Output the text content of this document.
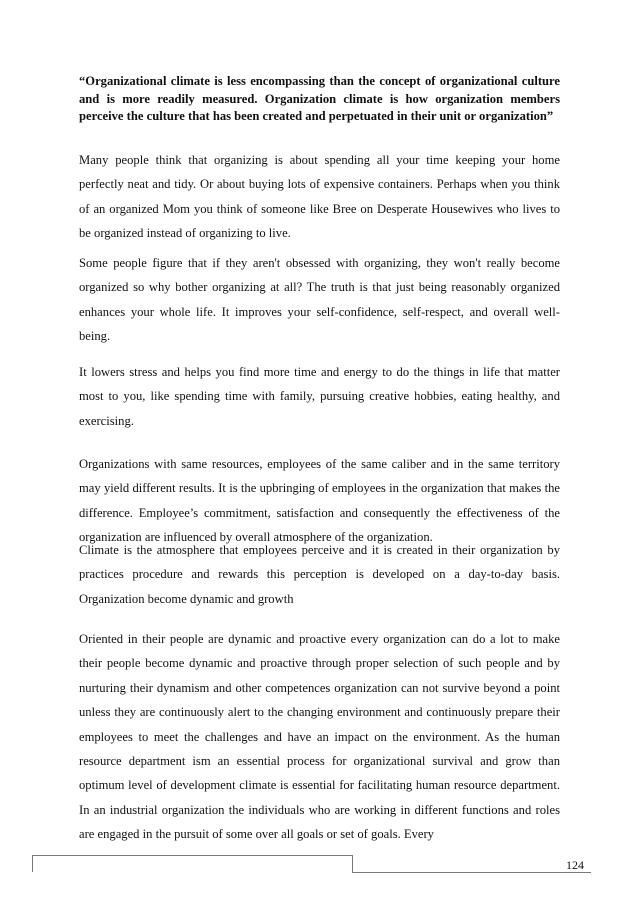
“Organizational climate is less encompassing than the concept of organizational culture and is more readily measured. Organization climate is how organization members perceive the culture that has been created and perpetuated in their unit or organization”

Many people think that organizing is about spending all your time keeping your home perfectly neat and tidy. Or about buying lots of expensive containers. Perhaps when you think of an organized Mom you think of someone like Bree on Desperate Housewives who lives to be organized instead of organizing to live.

Some people figure that if they aren't obsessed with organizing, they won't really become organized so why bother organizing at all? The truth is that just being reasonably organized enhances your whole life. It improves your self-confidence, self-respect, and overall well-being.

It lowers stress and helps you find more time and energy to do the things in life that matter most to you, like spending time with family, pursuing creative hobbies, eating healthy, and exercising.

Organizations with same resources, employees of the same caliber and in the same territory may yield different results. It is the upbringing of employees in the organization that makes the difference. Employee’s commitment, satisfaction and consequently the effectiveness of the organization are influenced by overall atmosphere of the organization.

Climate is the atmosphere that employees perceive and it is created in their organization by practices procedure and rewards this perception is developed on a day-to-day basis. Organization become dynamic and growth

Oriented in their people are dynamic and proactive every organization can do a lot to make their people become dynamic and proactive through proper selection of such people and by nurturing their dynamism and other competences organization can not survive beyond a point unless they are continuously alert to the changing environment and continuously prepare their employees to meet the challenges and have an impact on the environment. As the human resource department ism an essential process for organizational survival and grow than optimum level of development climate is essential for facilitating human resource department. In an industrial organization the individuals who are working in different functions and roles are engaged in the pursuit of some over all goals or set of goals. Every

124
